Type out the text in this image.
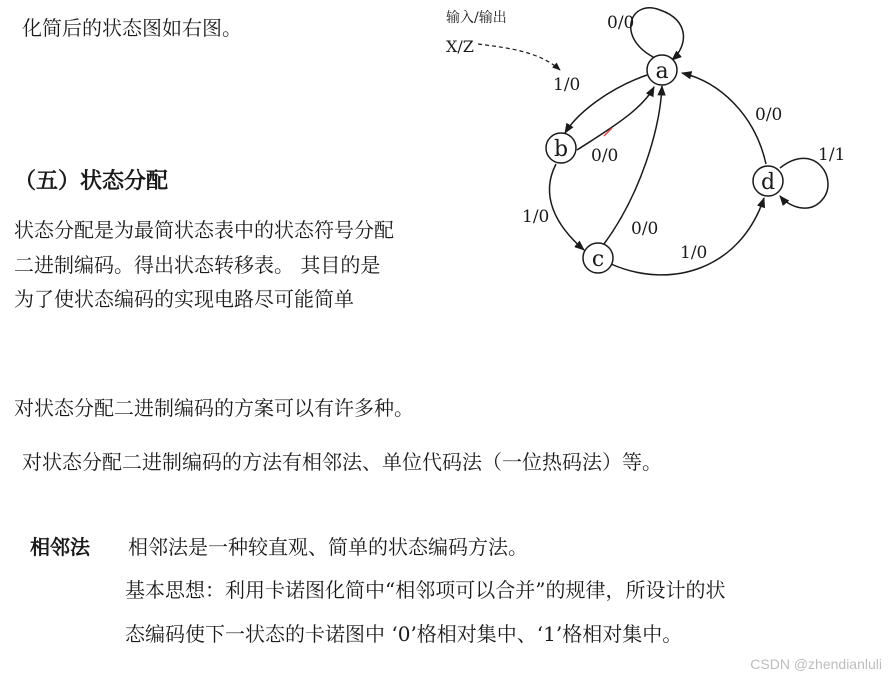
化简后的状态图如右图。
（五）状态分配
状态分配是为最简状态表中的状态符号分配
二进制编码。得出状态转移表。 其目的是
为了使状态编码的实现电路尽可能简单
对状态分配二进制编码的方案可以有许多种。
对状态分配二进制编码的方法有相邻法、单位代码法（一位热码法）等。
相邻法 相邻法是一种较直观、简单的状态编码方法。
基本思想：利用卡诺图化简中“相邻项可以合并”的规律，所设计的状
态编码使下一状态的卡诺图中 ‘0’格相对集中、‘1’格相对集中。
输入/输出
X/Z
a
b
c
d
0/0
1/0
0/0
1/0
0/0
1/0
0/0
1/1
CSDN @zhendianluli
